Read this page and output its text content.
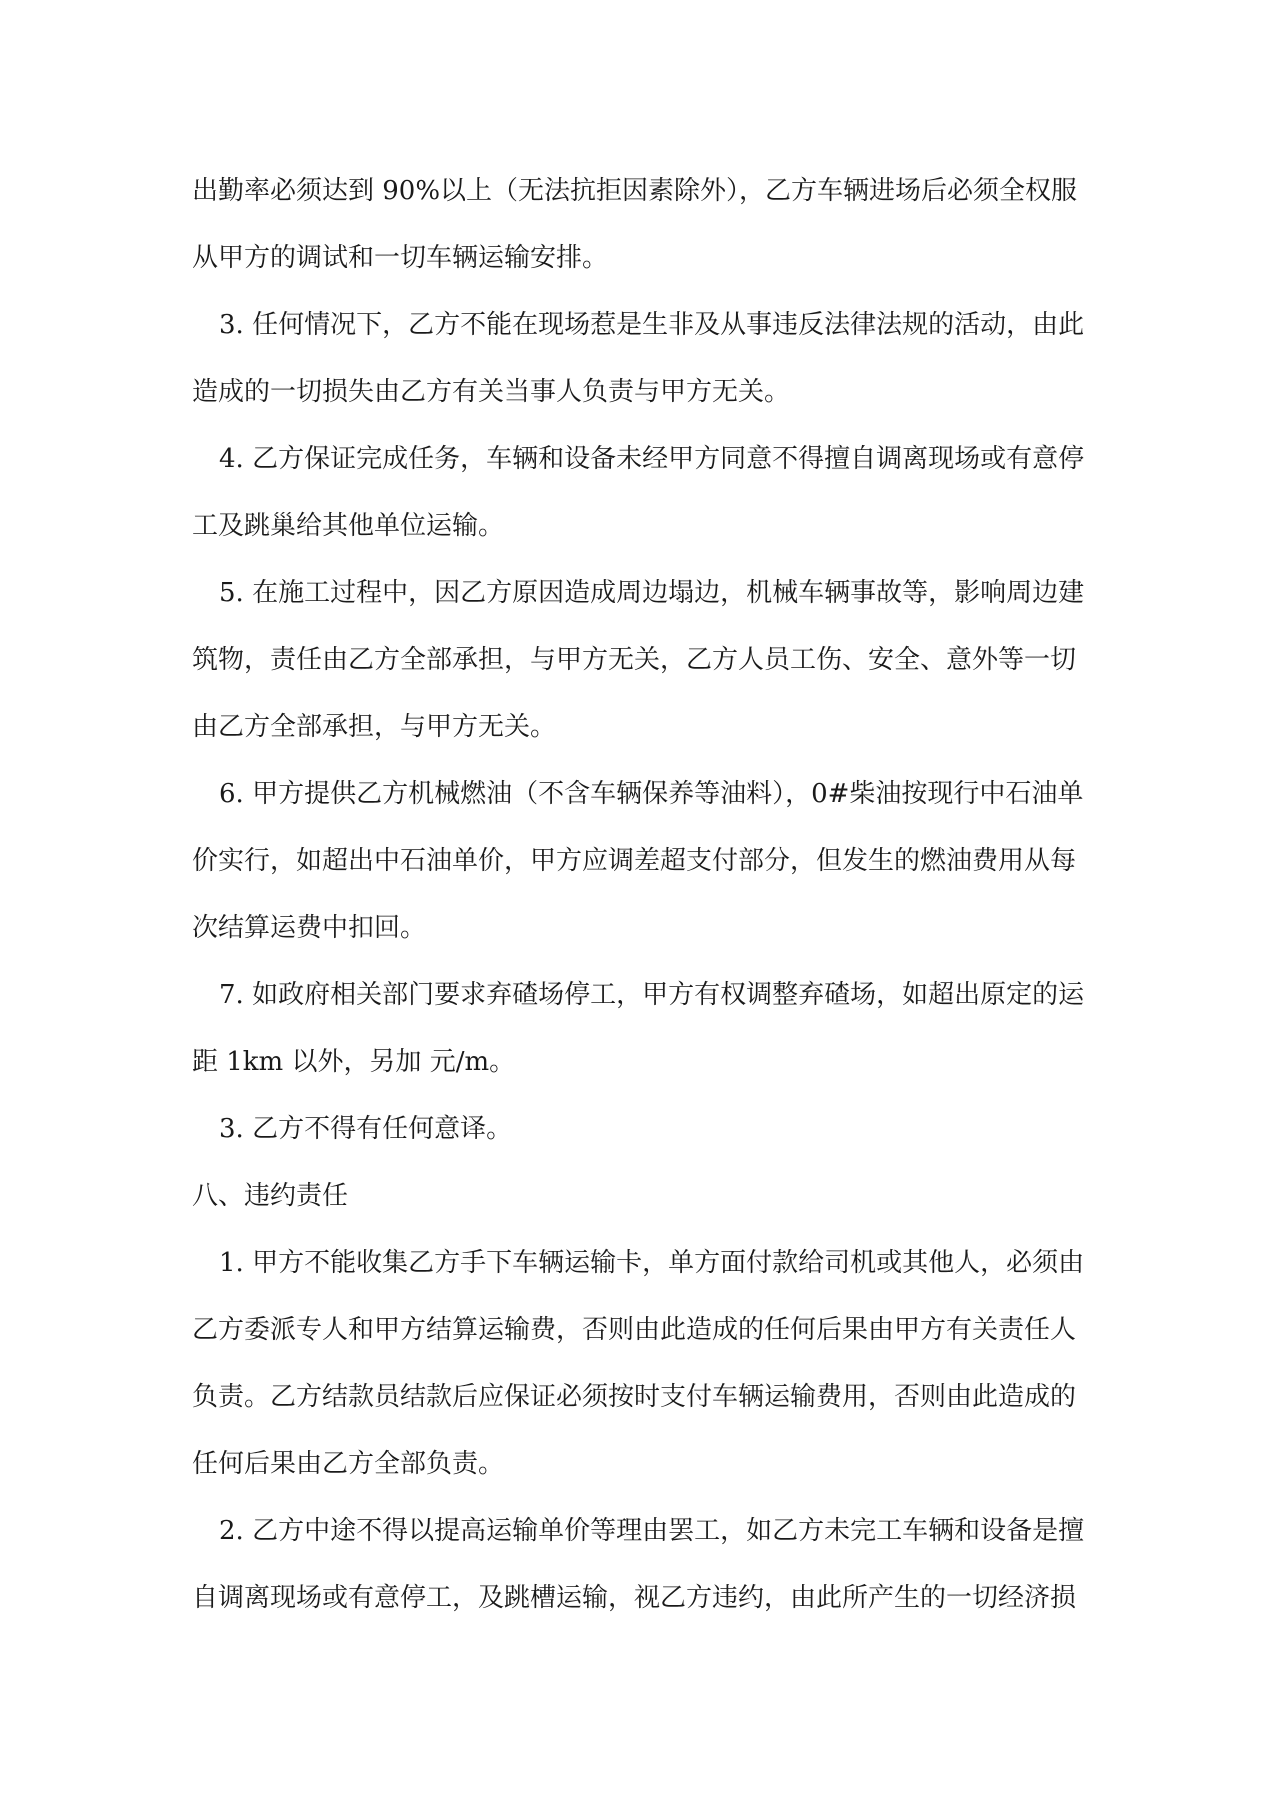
出勤率必须达到 90%以上（无法抗拒因素除外），乙方车辆进场后必须全权服
从甲方的调试和一切车辆运输安排。
3. 任何情况下，乙方不能在现场惹是生非及从事违反法律法规的活动，由此
造成的一切损失由乙方有关当事人负责与甲方无关。
4. 乙方保证完成任务，车辆和设备未经甲方同意不得擅自调离现场或有意停
工及跳巢给其他单位运输。
5. 在施工过程中，因乙方原因造成周边塌边，机械车辆事故等，影响周边建
筑物，责任由乙方全部承担，与甲方无关，乙方人员工伤、安全、意外等一切
由乙方全部承担，与甲方无关。
6. 甲方提供乙方机械燃油（不含车辆保养等油料），0#柴油按现行中石油单
价实行，如超出中石油单价，甲方应调差超支付部分，但发生的燃油费用从每
次结算运费中扣回。
7. 如政府相关部门要求弃碴场停工，甲方有权调整弃碴场，如超出原定的运
距 1km 以外，另加 元/m。
3. 乙方不得有任何意译。
八、违约责任
1. 甲方不能收集乙方手下车辆运输卡，单方面付款给司机或其他人，必须由
乙方委派专人和甲方结算运输费，否则由此造成的任何后果由甲方有关责任人
负责。乙方结款员结款后应保证必须按时支付车辆运输费用，否则由此造成的
任何后果由乙方全部负责。
2. 乙方中途不得以提高运输单价等理由罢工，如乙方未完工车辆和设备是擅
自调离现场或有意停工，及跳槽运输，视乙方违约，由此所产生的一切经济损
